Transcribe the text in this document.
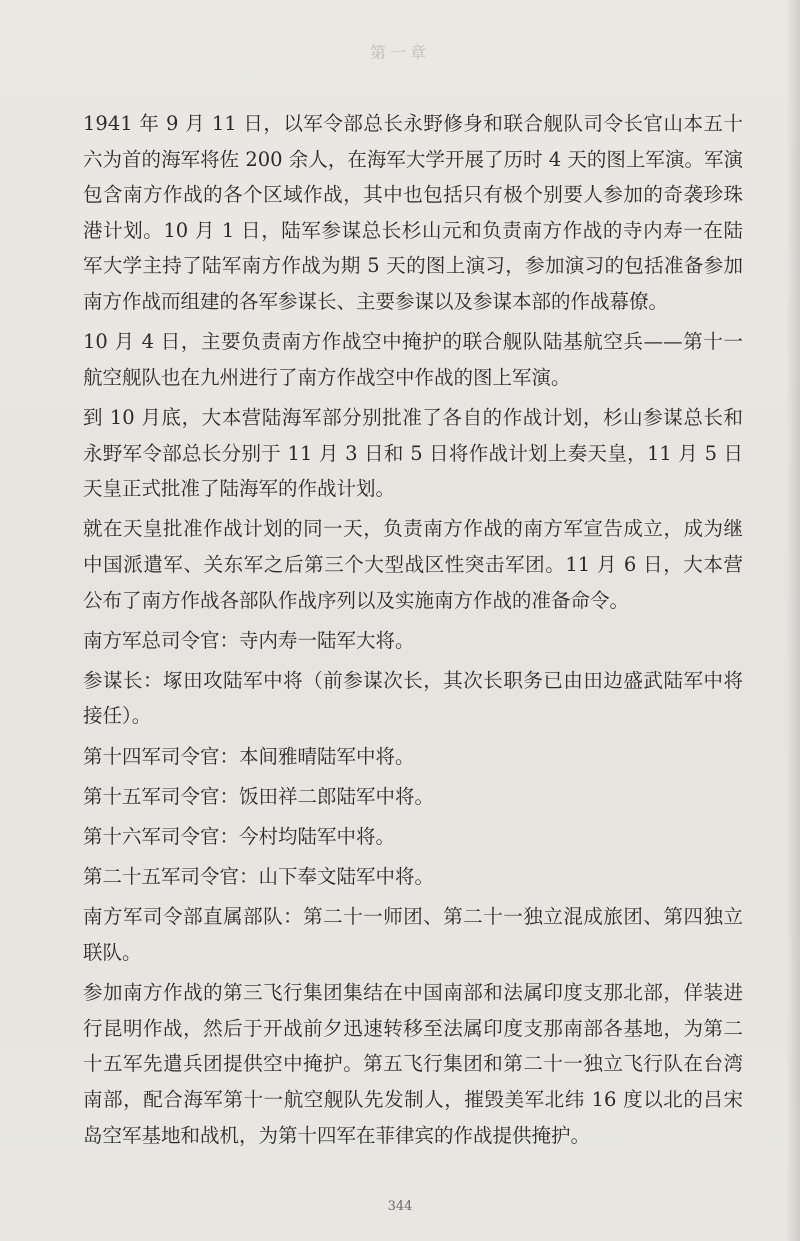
第一章

1941 年 9 月 11 日，以军令部总长永野修身和联合舰队司令长官山本五十六为首的海军将佐 200 余人，在海军大学开展了历时 4 天的图上军演。军演包含南方作战的各个区域作战，其中也包括只有极个别要人参加的奇袭珍珠港计划。10 月 1 日，陆军参谋总长杉山元和负责南方作战的寺内寿一在陆军大学主持了陆军南方作战为期 5 天的图上演习，参加演习的包括准备参加南方作战而组建的各军参谋长、主要参谋以及参谋本部的作战幕僚。

10 月 4 日，主要负责南方作战空中掩护的联合舰队陆基航空兵——第十一航空舰队也在九州进行了南方作战空中作战的图上军演。

到 10 月底，大本营陆海军部分别批准了各自的作战计划，杉山参谋总长和永野军令部总长分别于 11 月 3 日和 5 日将作战计划上奏天皇，11 月 5 日天皇正式批准了陆海军的作战计划。

就在天皇批准作战计划的同一天，负责南方作战的南方军宣告成立，成为继中国派遣军、关东军之后第三个大型战区性突击军团。11 月 6 日，大本营公布了南方作战各部队作战序列以及实施南方作战的准备命令。

南方军总司令官：寺内寿一陆军大将。

参谋长：塚田攻陆军中将（前参谋次长，其次长职务已由田边盛武陆军中将接任）。

第十四军司令官：本间雅晴陆军中将。

第十五军司令官：饭田祥二郎陆军中将。

第十六军司令官：今村均陆军中将。

第二十五军司令官：山下奉文陆军中将。

南方军司令部直属部队：第二十一师团、第二十一独立混成旅团、第四独立联队。

参加南方作战的第三飞行集团集结在中国南部和法属印度支那北部，佯装进行昆明作战，然后于开战前夕迅速转移至法属印度支那南部各基地，为第二十五军先遣兵团提供空中掩护。第五飞行集团和第二十一独立飞行队在台湾南部，配合海军第十一航空舰队先发制人，摧毁美军北纬 16 度以北的吕宋岛空军基地和战机，为第十四军在菲律宾的作战提供掩护。

344
